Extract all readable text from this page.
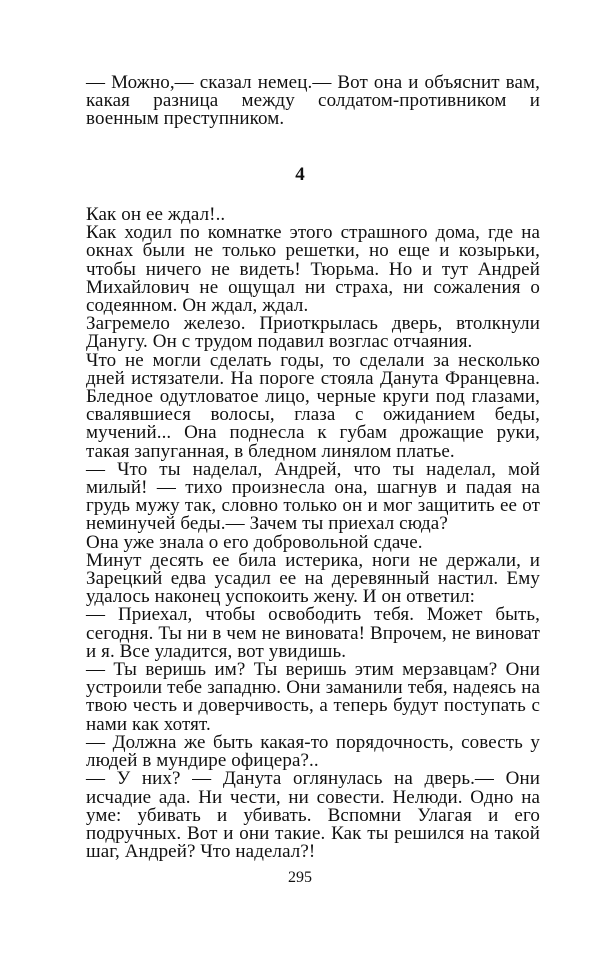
— Можно,— сказал немец.— Вот она и объяснит вам, какая разница между солдатом-противником и военным преступником.

4

Как он ее ждал!..

Как ходил по комнатке этого страшного дома, где на окнах были не только решетки, но еще и козырьки, чтобы ничего не видеть! Тюрьма. Но и тут Андрей Михайлович не ощущал ни страха, ни сожаления о содеянном. Он ждал, ждал.

Загремело железо. Приоткрылась дверь, втолкнули Данугу. Он с трудом подавил возглас отчаяния.

Что не могли сделать годы, то сделали за несколько дней истязатели. На пороге стояла Данута Францевна. Бледное одутловатое лицо, черные круги под глазами, свалявшиеся волосы, глаза с ожиданием беды, мучений... Она поднесла к губам дрожащие руки, такая запуганная, в бледном линялом платье.

— Что ты наделал, Андрей, что ты наделал, мой милый! — тихо произнесла она, шагнув и падая на грудь мужу так, словно только он и мог защитить ее от неминучей беды.— Зачем ты приехал сюда?

Она уже знала о его добровольной сдаче.

Минут десять ее била истерика, ноги не держали, и Зарецкий едва усадил ее на деревянный настил. Ему удалось наконец успокоить жену. И он ответил:

— Приехал, чтобы освободить тебя. Может быть, сегодня. Ты ни в чем не виновата! Впрочем, не виноват и я. Все уладится, вот увидишь.

— Ты веришь им? Ты веришь этим мерзавцам? Они устроили тебе западню. Они заманили тебя, надеясь на твою честь и доверчивость, а теперь будут поступать с нами как хотят.

— Должна же быть какая-то порядочность, совесть у людей в мундире офицера?..

— У них? — Данута оглянулась на дверь.— Они исчадие ада. Ни чести, ни совести. Нелюди. Одно на уме: убивать и убивать. Вспомни Улагая и его подручных. Вот и они такие. Как ты решился на такой шаг, Андрей? Что наделал?!

295
